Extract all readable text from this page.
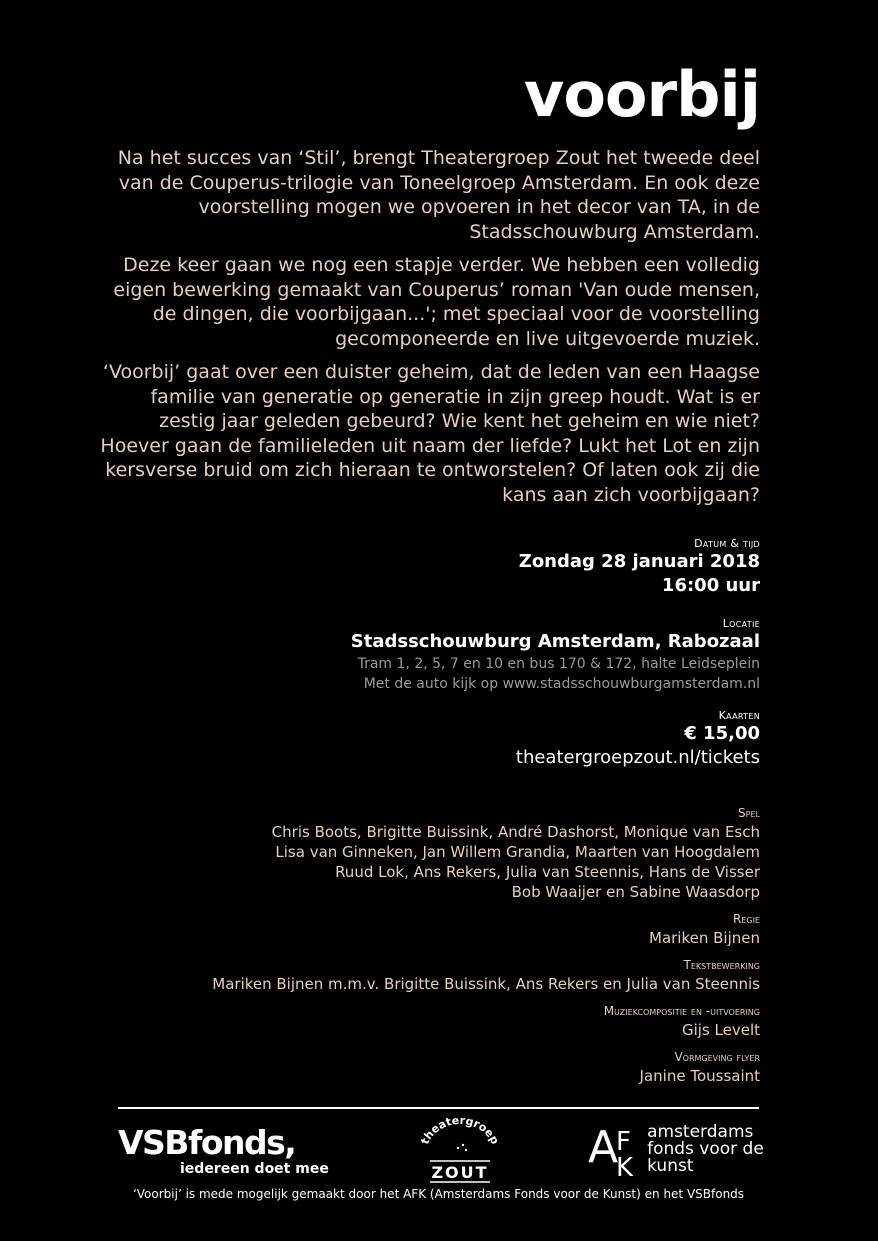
voorbij

Na het succes van ‘Stil’, brengt Theatergroep Zout het tweede deel van de Couperus-trilogie van Toneelgroep Amsterdam. En ook deze voorstelling mogen we opvoeren in het decor van TA, in de Stadsschouwburg Amsterdam.

Deze keer gaan we nog een stapje verder. We hebben een volledig eigen bewerking gemaakt van Couperus’ roman 'Van oude mensen, de dingen, die voorbijgaan...'; met speciaal voor de voorstelling gecomponeerde en live uitgevoerde muziek.

‘Voorbij’ gaat over een duister geheim, dat de leden van een Haagse familie van generatie op generatie in zijn greep houdt. Wat is er zestig jaar geleden gebeurd? Wie kent het geheim en wie niet? Hoever gaan de familieleden uit naam der liefde? Lukt het Lot en zijn kersverse bruid om zich hieraan te ontworstelen? Of laten ook zij die kans aan zich voorbijgaan?

Datum & tijd
Zondag 28 januari 2018
16:00 uur
Locatie
Stadsschouwburg Amsterdam, Rabozaal
Tram 1, 2, 5, 7 en 10 en bus 170 & 172, halte Leidseplein
Met de auto kijk op www.stadsschouwburgamsterdam.nl
Kaarten
€ 15,00
theatergroepzout.nl/tickets
Spel
Chris Boots, Brigitte Buissink, André Dashorst, Monique van Esch
Lisa van Ginneken, Jan Willem Grandia, Maarten van Hoogdalem
Ruud Lok, Ans Rekers, Julia van Steennis, Hans de Visser
Bob Waaijer en Sabine Waasdorp
Regie
Mariken Bijnen
Tekstbewerking
Mariken Bijnen m.m.v. Brigitte Buissink, Ans Rekers en Julia van Steennis
Muziekcompositie en -uitvoering
Gijs Levelt
Vormgeving flyer
Janine Toussaint
VSBfonds,
iedereen doet mee
theatergroep
ZOUT A
F
K

amsterdams
fonds voor de
kunst
‘Voorbij’ is mede mogelijk gemaakt door het AFK (Amsterdams Fonds voor de Kunst) en het VSBfonds
